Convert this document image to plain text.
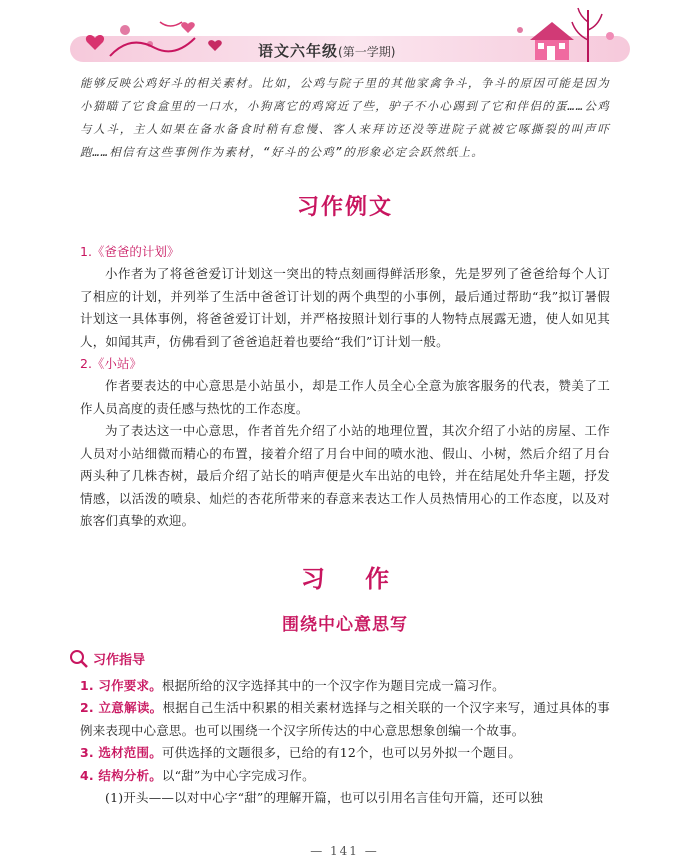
语文六年级(第一学期)

能够反映公鸡好斗的相关素材。比如，公鸡与院子里的其他家禽争斗，争斗的原因可能是因为小猫瞄了它食盒里的一口水，小狗离它的鸡窝近了些，驴子不小心踢到了它和伴侣的蛋……公鸡与人斗，主人如果在备水备食时稍有怠慢、客人来拜访还没等进院子就被它啄撕裂的叫声吓跑……相信有这些事例作为素材，“好斗的公鸡”的形象必定会跃然纸上。

习作例文

1.《爸爸的计划》

小作者为了将爸爸爱订计划这一突出的特点刻画得鲜活形象，先是罗列了爸爸给每个人订了相应的计划，并列举了生活中爸爸订计划的两个典型的小事例，最后通过帮助“我”拟订暑假计划这一具体事例，将爸爸爱订计划，并严格按照计划行事的人物特点展露无遗，使人如见其人，如闻其声，仿佛看到了爸爸追赶着也要给“我们”订计划一般。

2.《小站》

作者要表达的中心意思是小站虽小，却是工作人员全心全意为旅客服务的代表，赞美了工作人员高度的责任感与热忱的工作态度。

为了表达这一中心意思，作者首先介绍了小站的地理位置，其次介绍了小站的房屋、工作人员对小站细微而精心的布置，接着介绍了月台中间的喷水池、假山、小树，然后介绍了月台两头种了几株杏树，最后介绍了站长的哨声便是火车出站的电铃，并在结尾处升华主题，抒发情感，以活泼的喷泉、灿烂的杏花所带来的春意来表达工作人员热情用心的工作态度，以及对旅客们真挚的欢迎。

习 作
围绕中心意思写
习作指导

1. 习作要求。根据所给的汉字选择其中的一个汉字作为题目完成一篇习作。

2. 立意解读。根据自己生活中积累的相关素材选择与之相关联的一个汉字来写，通过具体的事例来表现中心意思。也可以围绕一个汉字所传达的中心意思想象创编一个故事。

3. 选材范围。可供选择的文题很多，已给的有12个，也可以另外拟一个题目。

4. 结构分析。以“甜”为中心字完成习作。

(1)开头——以对中心字“甜”的理解开篇，也可以引用名言佳句开篇，还可以独

— 141 —
